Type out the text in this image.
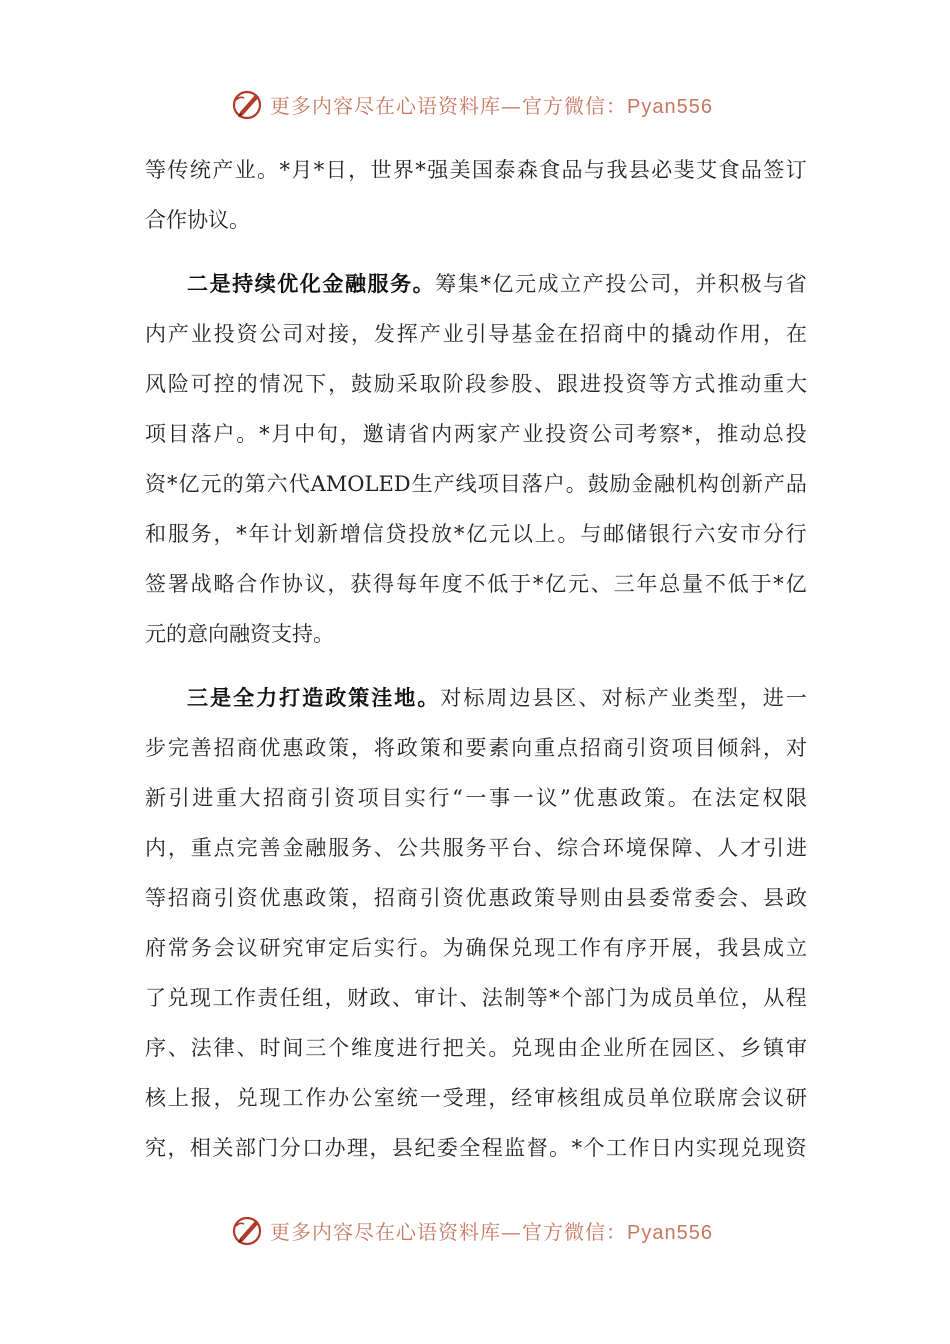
更多内容尽在心语资料库—官方微信：Pyan556
等 传 统 产 业 。 * 月 * 日 ， 世 界 * 强 美 国 泰 森 食 品 与 我 县 必 斐 艾 食 品 签 订
合作协议。
二 是 持 续 优 化 金 融 服 务 。 筹 集 * 亿 元 成 立 产 投 公 司 ， 并 积 极 与 省
内 产 业 投 资 公 司 对 接 ， 发 挥 产 业 引 导 基 金 在 招 商 中 的 撬 动 作 用 ， 在
风 险 可 控 的 情 况 下 ， 鼓 励 采 取 阶 段 参 股 、 跟 进 投 资 等 方 式 推 动 重 大
项 目 落 户 。 * 月 中 旬 ， 邀 请 省 内 两 家 产 业 投 资 公 司 考 察 * ， 推 动 总 投
资 * 亿 元 的 第 六 代 AMOLED 生 产 线 项 目 落 户 。 鼓 励 金 融 机 构 创 新 产 品
和 服 务 ， * 年 计 划 新 增 信 贷 投 放 * 亿 元 以 上 。 与 邮 储 银 行 六 安 市 分 行
签 署 战 略 合 作 协 议 ， 获 得 每 年 度 不 低 于 * 亿 元 、 三 年 总 量 不 低 于 * 亿
元的意向融资支持。
三 是 全 力 打 造 政 策 洼 地 。 对 标 周 边 县 区 、 对 标 产 业 类 型 ， 进 一
步 完 善 招 商 优 惠 政 策 ， 将 政 策 和 要 素 向 重 点 招 商 引 资 项 目 倾 斜 ， 对
新 引 进 重 大 招 商 引 资 项 目 实 行 “ 一 事 一 议 ” 优 惠 政 策 。 在 法 定 权 限
内 ， 重 点 完 善 金 融 服 务 、 公 共 服 务 平 台 、 综 合 环 境 保 障 、 人 才 引 进
等 招 商 引 资 优 惠 政 策 ， 招 商 引 资 优 惠 政 策 导 则 由 县 委 常 委 会 、 县 政
府 常 务 会 议 研 究 审 定 后 实 行 。 为 确 保 兑 现 工 作 有 序 开 展 ， 我 县 成 立
了 兑 现 工 作 责 任 组 ， 财 政 、 审 计 、 法 制 等 * 个 部 门 为 成 员 单 位 ， 从 程
序 、 法 律 、 时 间 三 个 维 度 进 行 把 关 。 兑 现 由 企 业 所 在 园 区 、 乡 镇 审
核 上 报 ， 兑 现 工 作 办 公 室 统 一 受 理 ， 经 审 核 组 成 员 单 位 联 席 会 议 研
究 ， 相 关 部 门 分 口 办 理 ， 县 纪 委 全 程 监 督 。 * 个 工 作 日 内 实 现 兑 现 资
更多内容尽在心语资料库—官方微信：Pyan556
